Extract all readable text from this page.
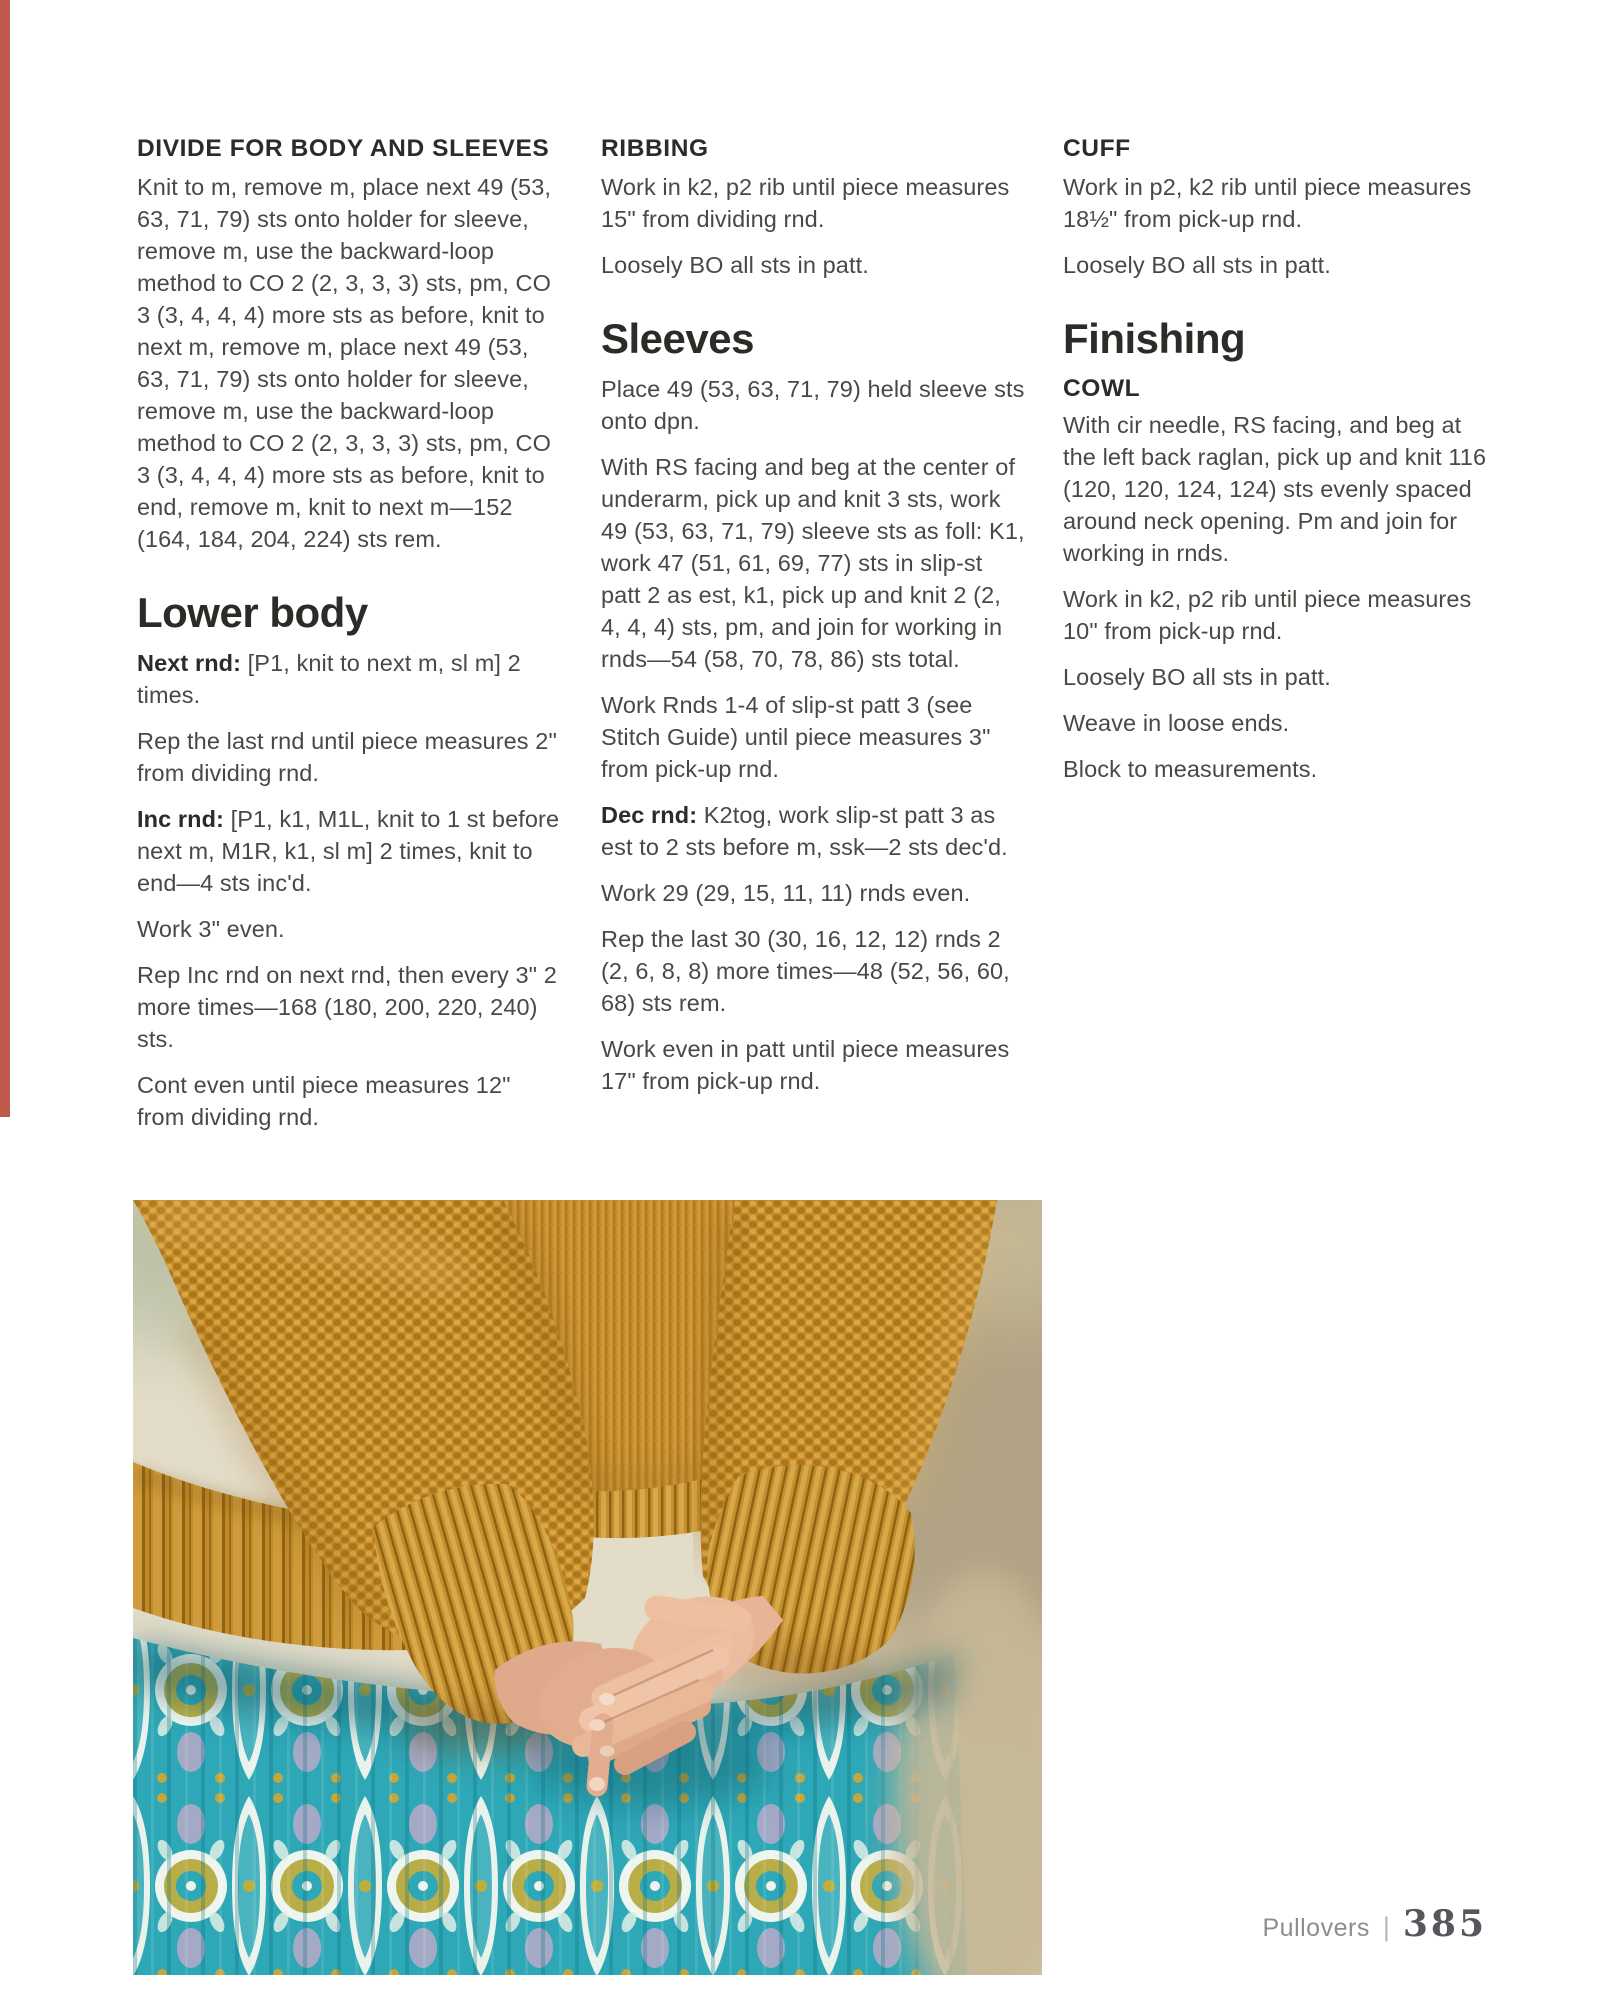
DIVIDE FOR BODY AND SLEEVES

Knit to m, remove m, place next 49 (53, 63, 71, 79) sts onto holder for sleeve, remove m, use the backward-loop method to CO 2 (2, 3, 3, 3) sts, pm, CO 3 (3, 4, 4, 4) more sts as before, knit to next m, remove m, place next 49 (53, 63, 71, 79) sts onto holder for sleeve, remove m, use the backward-loop method to CO 2 (2, 3, 3, 3) sts, pm, CO 3 (3, 4, 4, 4) more sts as before, knit to end, remove m, knit to next m—152 (164, 184, 204, 224) sts rem.

Lower body

Next rnd: [P1, knit to next m, sl m] 2 times.

Rep the last rnd until piece measures 2" from dividing rnd.

Inc rnd: [P1, k1, M1L, knit to 1 st before next m, M1R, k1, sl m] 2 times, knit to end—4 sts inc'd.

Work 3" even.

Rep Inc rnd on next rnd, then every 3" 2 more times—168 (180, 200, 220, 240) sts.

Cont even until piece measures 12" from dividing rnd.

RIBBING

Work in k2, p2 rib until piece measures 15" from dividing rnd.

Loosely BO all sts in patt.

Sleeves

Place 49 (53, 63, 71, 79) held sleeve sts onto dpn.

With RS facing and beg at the center of underarm, pick up and knit 3 sts, work 49 (53, 63, 71, 79) sleeve sts as foll: K1, work 47 (51, 61, 69, 77) sts in slip-st patt 2 as est, k1, pick up and knit 2 (2, 4, 4, 4) sts, pm, and join for working in rnds—54 (58, 70, 78, 86) sts total.

Work Rnds 1-4 of slip-st patt 3 (see Stitch Guide) until piece measures 3" from pick-up rnd.

Dec rnd: K2tog, work slip-st patt 3 as est to 2 sts before m, ssk—2 sts dec'd.

Work 29 (29, 15, 11, 11) rnds even.

Rep the last 30 (30, 16, 12, 12) rnds 2 (2, 6, 8, 8) more times—48 (52, 56, 60, 68) sts rem.

Work even in patt until piece measures 17" from pick-up rnd.

CUFF

Work in p2, k2 rib until piece measures 18½" from pick-up rnd.

Loosely BO all sts in patt.

Finishing
COWL

With cir needle, RS facing, and beg at the left back raglan, pick up and knit 116 (120, 120, 124, 124) sts evenly spaced around neck opening. Pm and join for working in rnds.

Work in k2, p2 rib until piece measures 10" from pick-up rnd.

Loosely BO all sts in patt.

Weave in loose ends.

Block to measurements.

Pullovers | 385
